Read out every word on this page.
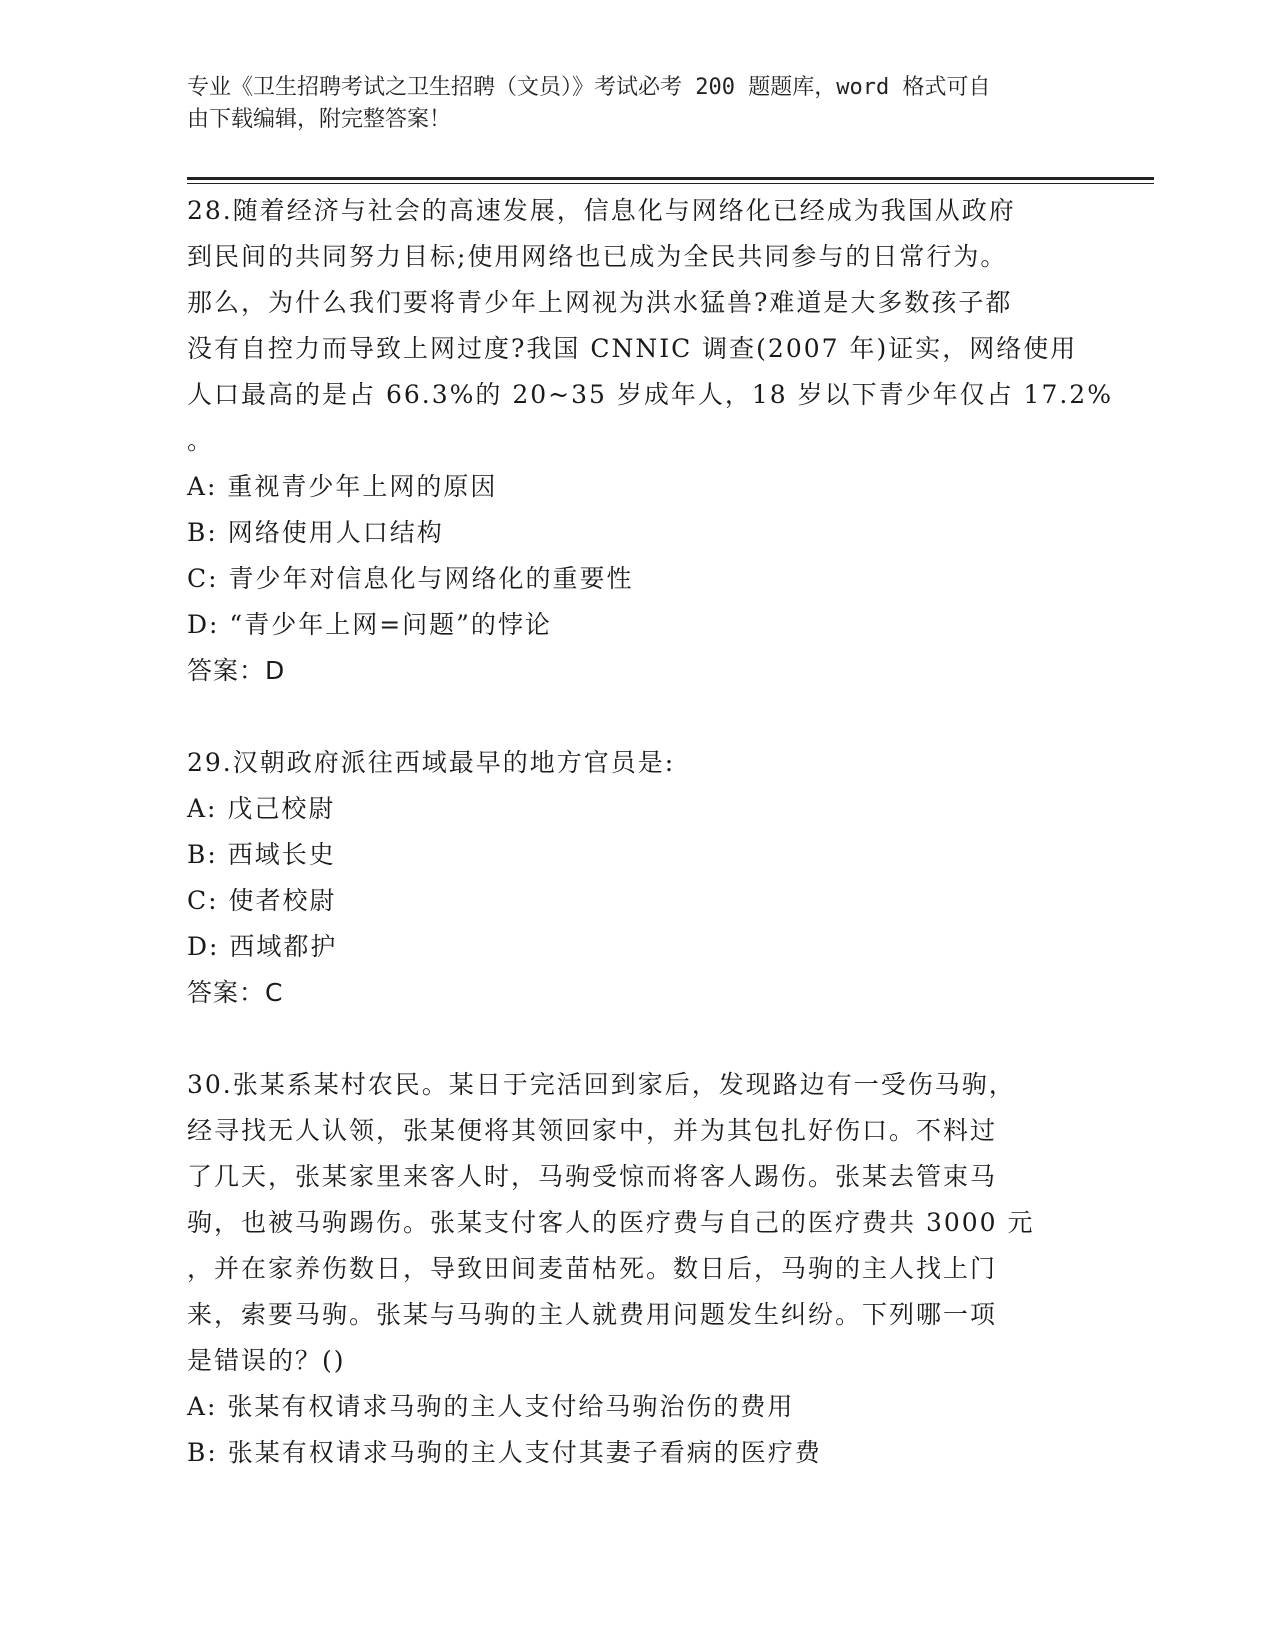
专业《卫生招聘考试之卫生招聘（文员）》考试必考 200 题题库，word 格式可自
由下载编辑，附完整答案！
28.随着经济与社会的高速发展，信息化与网络化已经成为我国从政府
到民间的共同努力目标;使用网络也已成为全民共同参与的日常行为。
那么，为什么我们要将青少年上网视为洪水猛兽?难道是大多数孩子都
没有自控力而导致上网过度?我国 CNNIC 调查(2007 年)证实，网络使用
人口最高的是占 66.3%的 20~35 岁成年人，18 岁以下青少年仅占 17.2%
。
A: 重视青少年上网的原因
B: 网络使用人口结构
C: 青少年对信息化与网络化的重要性
D: “青少年上网=问题”的悖论
答案：D
29.汉朝政府派往西域最早的地方官员是:
A: 戊己校尉
B: 西域长史
C: 使者校尉
D: 西域都护
答案：C
30.张某系某村农民。某日于完活回到家后，发现路边有一受伤马驹，
经寻找无人认领，张某便将其领回家中，并为其包扎好伤口。不料过
了几天，张某家里来客人时，马驹受惊而将客人踢伤。张某去管束马
驹，也被马驹踢伤。张某支付客人的医疗费与自己的医疗费共 3000 元
，并在家养伤数日，导致田间麦苗枯死。数日后，马驹的主人找上门
来，索要马驹。张某与马驹的主人就费用问题发生纠纷。下列哪一项
是错误的？()
A: 张某有权请求马驹的主人支付给马驹治伤的费用
B: 张某有权请求马驹的主人支付其妻子看病的医疗费
